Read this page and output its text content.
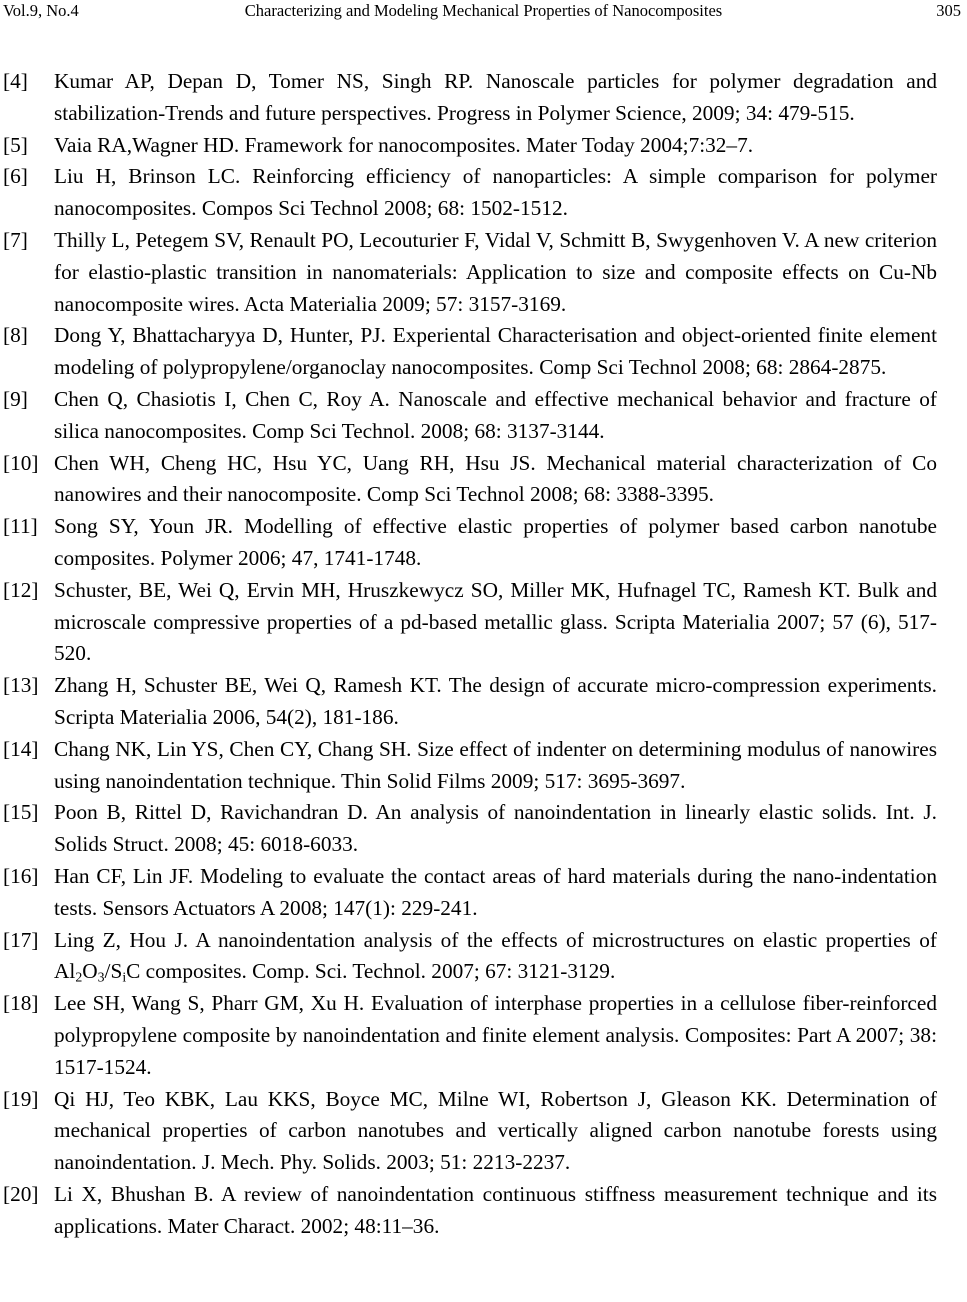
Vol.9, No.4	Characterizing and Modeling Mechanical Properties of Nanocomposites	305
[4] Kumar AP, Depan D, Tomer NS, Singh RP. Nanoscale particles for polymer degradation and stabilization-Trends and future perspectives. Progress in Polymer Science, 2009; 34: 479-515.
[5] Vaia RA,Wagner HD. Framework for nanocomposites. Mater Today 2004;7:32–7.
[6] Liu H, Brinson LC. Reinforcing efficiency of nanoparticles: A simple comparison for polymer nanocomposites. Compos Sci Technol 2008; 68: 1502-1512.
[7] Thilly L, Petegem SV, Renault PO, Lecouturier F, Vidal V, Schmitt B, Swygenhoven V. A new criterion for elastio-plastic transition in nanomaterials: Application to size and composite effects on Cu-Nb nanocomposite wires. Acta Materialia 2009; 57: 3157-3169.
[8] Dong Y, Bhattacharyya D, Hunter, PJ. Experiental Characterisation and object-oriented finite element modeling of polypropylene/organoclay nanocomposites. Comp Sci Technol 2008; 68: 2864-2875.
[9] Chen Q, Chasiotis I, Chen C, Roy A. Nanoscale and effective mechanical behavior and fracture of silica nanocomposites. Comp Sci Technol. 2008; 68: 3137-3144.
[10] Chen WH, Cheng HC, Hsu YC, Uang RH, Hsu JS. Mechanical material characterization of Co nanowires and their nanocomposite. Comp Sci Technol 2008; 68: 3388-3395.
[11] Song SY, Youn JR. Modelling of effective elastic properties of polymer based carbon nanotube composites. Polymer 2006; 47, 1741-1748.
[12] Schuster, BE, Wei Q, Ervin MH, Hruszkewycz SO, Miller MK, Hufnagel TC, Ramesh KT. Bulk and microscale compressive properties of a pd-based metallic glass. Scripta Materialia 2007; 57 (6), 517-520.
[13] Zhang H, Schuster BE, Wei Q, Ramesh KT. The design of accurate micro-compression experiments. Scripta Materialia 2006, 54(2), 181-186.
[14] Chang NK, Lin YS, Chen CY, Chang SH. Size effect of indenter on determining modulus of nanowires using nanoindentation technique. Thin Solid Films 2009; 517: 3695-3697.
[15] Poon B, Rittel D, Ravichandran D. An analysis of nanoindentation in linearly elastic solids. Int. J. Solids Struct. 2008; 45: 6018-6033.
[16] Han CF, Lin JF. Modeling to evaluate the contact areas of hard materials during the nano-indentation tests. Sensors Actuators A 2008; 147(1): 229-241.
[17] Ling Z, Hou J. A nanoindentation analysis of the effects of microstructures on elastic properties of $Al_2O_3/S_iC$ composites. Comp. Sci. Technol. 2007; 67: 3121-3129.
[18] Lee SH, Wang S, Pharr GM, Xu H. Evaluation of interphase properties in a cellulose fiber-reinforced polypropylene composite by nanoindentation and finite element analysis. Composites: Part A 2007; 38: 1517-1524.
[19] Qi HJ, Teo KBK, Lau KKS, Boyce MC, Milne WI, Robertson J, Gleason KK. Determination of mechanical properties of carbon nanotubes and vertically aligned carbon nanotube forests using nanoindentation. J. Mech. Phy. Solids. 2003; 51: 2213-2237.
[20] Li X, Bhushan B. A review of nanoindentation continuous stiffness measurement technique and its applications. Mater Charact. 2002; 48:11–36.
